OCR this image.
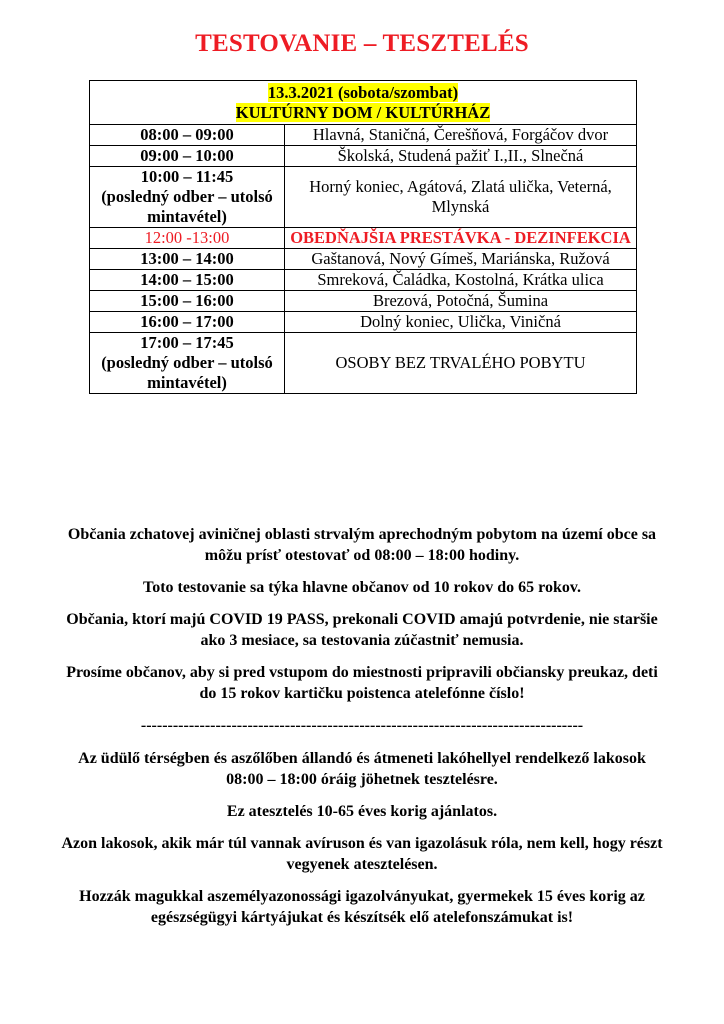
TESTOVANIE – TESZTELÉS
13.3.2021 (sobota/szombat)
KULTÚRNY DOM / KULTÚRHÁZ	
08:00 – 09:00	Hlavná, Staničná, Čerešňová, Forgáčov dvor
09:00 – 10:00	Školská, Studená pažiť I.,II., Slnečná
10:00 – 11:45
(posledný odber – utolsó mintavétel)	Horný koniec, Agátová, Zlatá ulička, Veterná, Mlynská
12:00 -13:00	OBEDŇAJŠIA PRESTÁVKA - DEZINFEKCIA
13:00 – 14:00	Gaštanová, Nový Gímeš, Mariánska, Ružová
14:00 – 15:00	Smreková, Čaládka, Kostolná, Krátka ulica
15:00 – 16:00	Brezová, Potočná, Šumina
16:00 – 17:00	Dolný koniec, Ulička, Viničná
17:00 – 17:45
(posledný odber – utolsó mintavétel)	OSOBY BEZ TRVALÉHO POBYTU

Občania zchatovej aviničnej oblasti strvalým aprechodným pobytom na území obce sa môžu prísť otestovať od 08:00 – 18:00 hodiny.

Toto testovanie sa týka hlavne občanov od 10 rokov do 65 rokov.

Občania, ktorí majú COVID 19 PASS, prekonali COVID amajú potvrdenie, nie staršie ako 3 mesiace, sa testovania zúčastniť nemusia.

Prosíme občanov, aby si pred vstupom do miestnosti pripravili občiansky preukaz, deti do 15 rokov kartičku poistenca atelefónne číslo!

-----------------------------------------------------------------------------------

Az üdülő térségben és aszőlőben állandó és átmeneti lakóhellyel rendelkező lakosok 08:00 – 18:00 óráig jöhetnek tesztelésre.

Ez atesztelés 10-65 éves korig ajánlatos.

Azon lakosok, akik már túl vannak avíruson és van igazolásuk róla, nem kell, hogy részt vegyenek atesztelésen.

Hozzák magukkal aszemélyazonossági igazolványukat, gyermekek 15 éves korig az egészségügyi kártyájukat és készítsék elő atelefonszámukat is!
